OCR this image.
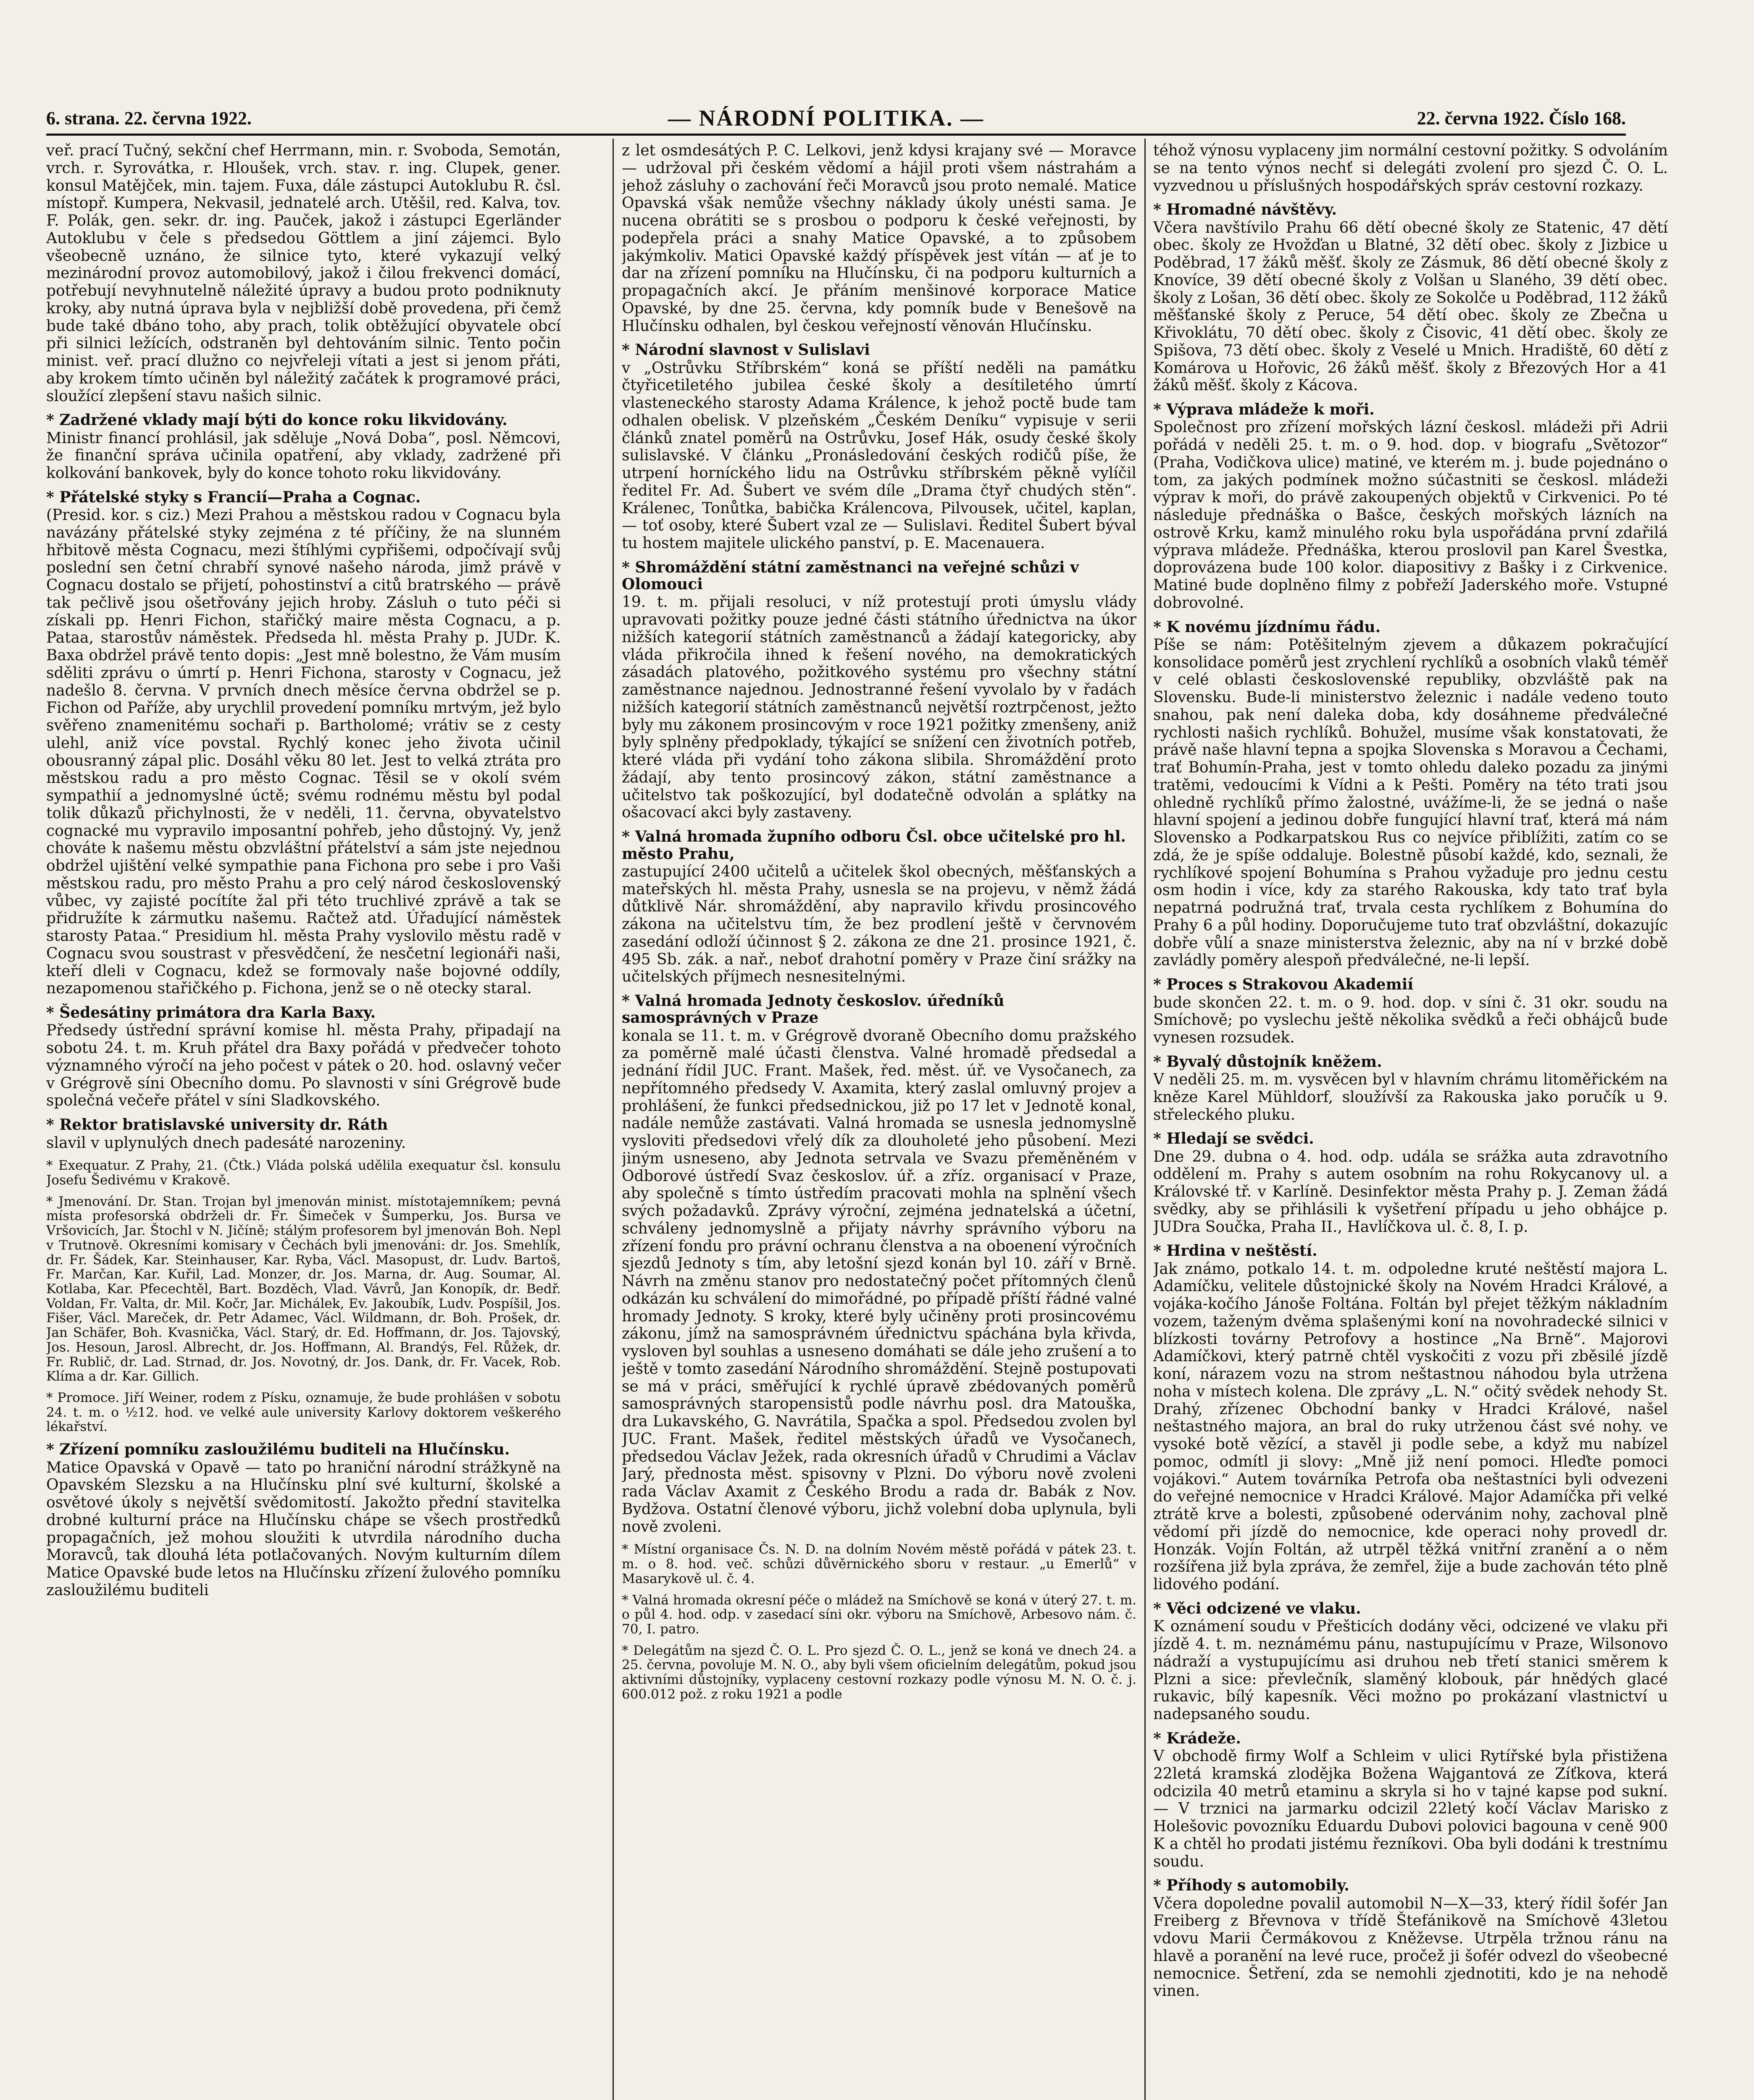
6. strana. 22. června 1922.	— NÁRODNÍ POLITIKA. —	22. června 1922. Číslo 168.

veř. prací Tučný, sekční chef Herrmann, min. r. Svoboda, Semotán, vrch. r. Syrovátka, r. Hloušek, vrch. stav. r. ing. Clupek, gener. konsul Matějček, min. tajem. Fuxa, dále zástupci Autoklubu R. čsl. místopř. Kumpera, Nekvasil, jednatelé arch. Utěšil, red. Kalva, tov. F. Polák, gen. sekr. dr. ing. Pauček, jakož i zástupci Egerländer Autoklubu v čele s předsedou Göttlem a jiní zájemci. Bylo všeobecně uznáno, že silnice tyto, které vykazují velký mezinárodní provoz automobilový, jakož i čilou frekvenci domácí, potřebují nevyhnutelně náležité úpravy a budou proto podniknuty kroky, aby nutná úprava byla v nejbližší době provedena, při čemž bude také dbáno toho, aby prach, tolik obtěžující obyvatele obcí při silnici ležících, odstraněn byl dehtováním silnic. Tento počin minist. veř. prací dlužno co nejvřeleji vítati a jest si jenom přáti, aby krokem tímto učiněn byl náležitý začátek k programové práci, sloužící zlepšení stavu našich silnic.

* Zadržené vklady mají býti do konce roku likvidovány.

Ministr financí prohlásil, jak sděluje „Nová Doba“, posl. Němcovi, že finanční správa učinila opatření, aby vklady, zadržené při kolkování bankovek, byly do konce tohoto roku likvidovány.

* Přátelské styky s Francií—Praha a Cognac.

(Presid. kor. s ciz.) Mezi Prahou a městskou radou v Cognacu byla navázány přátelské styky zejména z té příčiny, že na slunném hřbitově města Cognacu, mezi štíhlými cypřišemi, odpočívají svůj poslední sen četní chrabří synové našeho národa, jimž právě v Cognacu dostalo se přijetí, pohostinství a citů bratrského — právě tak pečlivě jsou ošetřovány jejich hroby. Zásluh o tuto péči si získali pp. Henri Fichon, stařičký maire města Cognacu, a p. Pataa, starostův náměstek. Předseda hl. města Prahy p. JUDr. K. Baxa obdržel právě tento dopis: „Jest mně bolestno, že Vám musím sděliti zprávu o úmrtí p. Henri Fichona, starosty v Cognacu, jež nadešlo 8. června. V prvních dnech měsíce června obdržel se p. Fichon od Paříže, aby urychlil provedení pomníku mrtvým, jež bylo svěřeno znamenitému sochaři p. Bartholomé; vrátiv se z cesty ulehl, aniž více povstal. Rychlý konec jeho života učinil obousranný zápal plic. Dosáhl věku 80 let. Jest to velká ztráta pro městskou radu a pro město Cognac. Těsil se v okolí svém sympathií a jednomyslné úctě; svému rodnému městu byl podal tolik důkazů přichylnosti, že v neděli, 11. června, obyvatelstvo cognacké mu vypravilo imposantní pohřeb, jeho důstojný. Vy, jenž chováte k našemu městu obzvláštní přátelství a sám jste nejednou obdržel ujištění velké sympathie pana Fichona pro sebe i pro Vaši městskou radu, pro město Prahu a pro celý národ československý vůbec, vy zajisté pocítíte žal při této truchlivé zprávě a tak se přidružíte k zármutku našemu. Račtež atd. Úřadující náměstek starosty Pataa.“ Presidium hl. města Prahy vyslovilo městu radě v Cognacu svou soustrast v přesvědčení, že nesčetní legionáři naši, kteří dleli v Cognacu, kdež se formovaly naše bojovné oddíly, nezapomenou stařičkého p. Fichona, jenž se o ně otecky staral.

* Šedesátiny primátora dra Karla Baxy.

Předsedy ústřední správní komise hl. města Prahy, připadají na sobotu 24. t. m. Kruh přátel dra Baxy pořádá v předvečer tohoto významného výročí na jeho počest v pátek o 20. hod. oslavný večer v Grégrově síni Obecního domu. Po slavnosti v síni Grégrově bude společná večeře přátel v síni Sladkovského.

* Rektor bratislavské university dr. Ráth

slavil v uplynulých dnech padesáté narozeniny.

* Exequatur. Z Prahy, 21. (Čtk.) Vláda polská udělila exequatur čsl. konsulu Josefu Šedivému v Krakově.

* Jmenování. Dr. Stan. Trojan byl jmenován minist. místotajemníkem; pevná místa profesorská obdrželi dr. Fr. Šimeček v Šumperku, Jos. Bursa ve Vršovicích, Jar. Štochl v N. Jičíně; stálým profesorem byl jmenován Boh. Nepl v Trutnově. Okresními komisary v Čechách byli jmenováni: dr. Jos. Smehlík, dr. Fr. Šádek, Kar. Steinhauser, Kar. Ryba, Václ. Masopust, dr. Ludv. Bartoš, Fr. Marčan, Kar. Kuřil, Lad. Monzer, dr. Jos. Marna, dr. Aug. Soumar, Al. Kotlaba, Kar. Pfecechtěl, Bart. Bozděch, Vlad. Vávrů, Jan Konopík, dr. Bedř. Voldan, Fr. Valta, dr. Mil. Kočr, Jar. Michálek, Ev. Jakoubík, Ludv. Pospíšil, Jos. Fišer, Václ. Mareček, dr. Petr Adamec, Václ. Wildmann, dr. Boh. Prošek, dr. Jan Schäfer, Boh. Kvasnička, Václ. Starý, dr. Ed. Hoffmann, dr. Jos. Tajovský, Jos. Hesoun, Jarosl. Albrecht, dr. Jos. Hoffmann, Al. Brandýs, Fel. Růžek, dr. Fr. Rublič, dr. Lad. Strnad, dr. Jos. Novotný, dr. Jos. Dank, dr. Fr. Vacek, Rob. Klíma a dr. Kar. Gillich.

* Promoce. Jiří Weiner, rodem z Písku, oznamuje, že bude prohlášen v sobotu 24. t. m. o ½12. hod. ve velké aule university Karlovy doktorem veškerého lékařství.

* Zřízení pomníku zasloužilému buditeli na Hlučínsku.

Matice Opavská v Opavě — tato po hraniční národní strážkyně na Opavském Slezsku a na Hlučínsku plní své kulturní, školské a osvětové úkoly s největší svědomitostí. Jakožto přední stavitelka drobné kulturní práce na Hlučínsku chápe se všech prostředků propagačních, jež mohou sloužiti k utvrdila národního ducha Moravců, tak dlouhá léta potlačovaných. Novým kulturním dílem Matice Opavské bude letos na Hlučínsku zřízení žulového pomníku zasloužilému buditeli

z let osmdesátých P. C. Lelkovi, jenž kdysi krajany své — Moravce — udržoval při českém vědomí a hájil proti všem nástrahám a jehož zásluhy o zachování řeči Moravců jsou proto nemalé. Matice Opavská však nemůže všechny náklady úkoly unésti sama. Je nucena obrátiti se s prosbou o podporu k české veřejnosti, by podepřela práci a snahy Matice Opavské, a to způsobem jakýmkoliv. Matici Opavské každý příspěvek jest vítán — ať je to dar na zřízení pomníku na Hlučínsku, či na podporu kulturních a propagačních akcí. Je přáním menšinové korporace Matice Opavské, by dne 25. června, kdy pomník bude v Benešově na Hlučínsku odhalen, byl českou veřejností věnován Hlučínsku.

* Národní slavnost v Sulislavi

v „Ostrůvku Stříbrském“ koná se příští neděli na památku čtyřicetiletého jubilea české školy a desítiletého úmrtí vlasteneckého starosty Adama Králence, k jehož poctě bude tam odhalen obelisk. V plzeňském „Českém Deníku“ vypisuje v serii článků znatel poměrů na Ostrůvku, Josef Hák, osudy české školy sulislavské. V článku „Pronásledování českých rodičů píše, že utrpení horníckého lidu na Ostrůvku stříbrském pěkně vylíčil ředitel Fr. Ad. Šubert ve svém díle „Drama čtyř chudých stěn“. Králenec, Tonůtka, babička Králencova, Pilvousek, učitel, kaplan, — toť osoby, které Šubert vzal ze — Sulislavi. Ředitel Šubert býval tu hostem majitele ulického panství, p. E. Macenauera.

* Shromáždění státní zaměstnanci na veřejné schůzi v Olomouci

19. t. m. přijali resoluci, v níž protestují proti úmyslu vlády upravovati požitky pouze jedné části státního úřednictva na úkor nižších kategorií státních zaměstnanců a žádají kategoricky, aby vláda přikročila ihned k řešení nového, na demokratických zásadách platového, požitkového systému pro všechny státní zaměstnance najednou. Jednostranné řešení vyvolalo by v řadách nižších kategorií státních zaměstnanců největší roztrpčenost, ježto byly mu zákonem prosincovým v roce 1921 požitky zmenšeny, aniž byly splněny předpoklady, týkající se snížení cen životních potřeb, které vláda při vydání toho zákona slibila. Shromáždění proto žádají, aby tento prosincový zákon, státní zaměstnance a učitelstvo tak poškozující, byl dodatečně odvolán a splátky na ošacovací akci byly zastaveny.

* Valná hromada župního odboru Čsl. obce učitelské pro hl. město Prahu,

zastupující 2400 učitelů a učitelek škol obecných, měšťanských a mateřských hl. města Prahy, usnesla se na projevu, v němž žádá důtklivě Nár. shromáždění, aby napravilo křivdu prosincového zákona na učitelstvu tím, že bez prodlení ještě v červnovém zasedání odloží účinnost § 2. zákona ze dne 21. prosince 1921, č. 495 Sb. zák. a nař., neboť drahotní poměry v Praze činí srážky na učitelských příjmech nesnesitelnými.

* Valná hromada Jednoty českoslov. úředníků samosprávných v Praze

konala se 11. t. m. v Grégrově dvoraně Obecního domu pražského za poměrně malé účasti členstva. Valné hromadě předsedal a jednání řídil JUC. Frant. Mašek, řed. měst. úř. ve Vysočanech, za nepřítomného předsedy V. Axamita, který zaslal omluvný projev a prohlášení, že funkci předsednickou, již po 17 let v Jednotě konal, nadále nemůže zastávati. Valná hromada se usnesla jednomyslně vysloviti předsedovi vřelý dík za dlouholeté jeho působení. Mezi jiným usneseno, aby Jednota setrvala ve Svazu přeměněném v Odborové ústředí Svaz českoslov. úř. a zříz. organisací v Praze, aby společně s tímto ústředím pracovati mohla na splnění všech svých požadavků. Zprávy výroční, zejména jednatelská a účetní, schváleny jednomyslně a přijaty návrhy správního výboru na zřízení fondu pro právní ochranu členstva a na oboenení výročních sjezdů Jednoty s tím, aby letošní sjezd konán byl 10. září v Brně. Návrh na změnu stanov pro nedostatečný počet přítomných členů odkázán ku schválení do mimořádné, po případě příští řádné valné hromady Jednoty. S kroky, které byly učiněny proti prosincovému zákonu, jímž na samosprávném úřednictvu spáchána byla křivda, vysloven byl souhlas a usneseno domáhati se dále jeho zrušení a to ještě v tomto zasedání Národního shromáždění. Stejně postupovati se má v práci, směřující k rychlé úpravě zbédovaných poměrů samosprávných staropensistů podle návrhu posl. dra Matouška, dra Lukavského, G. Navrátila, Spačka a spol. Předsedou zvolen byl JUC. Frant. Mašek, ředitel městských úřadů ve Vysočanech, předsedou Václav Ježek, rada okresních úřadů v Chrudimi a Václav Jarý, přednosta měst. spisovny v Plzni. Do výboru nově zvoleni rada Václav Axamit z Českého Brodu a rada dr. Babák z Nov. Bydžova. Ostatní členové výboru, jichž volební doba uplynula, byli nově zvoleni.

* Místní organisace Čs. N. D. na dolním Novém městě pořádá v pátek 23. t. m. o 8. hod. več. schůzi důvěrnického sboru v restaur. „u Emerlů“ v Masarykově ul. č. 4.

* Valná hromada okresní péče o mládež na Smíchově se koná v úterý 27. t. m. o půl 4. hod. odp. v zasedací síni okr. výboru na Smíchově, Arbesovo nám. č. 70, I. patro.

* Delegátům na sjezd Č. O. L. Pro sjezd Č. O. L., jenž se koná ve dnech 24. a 25. června, povoluje M. N. O., aby byli všem oficielním delegátům, pokud jsou aktivními důstojníky, vyplaceny cestovní rozkazy podle výnosu M. N. O. č. j. 600.012 pož. z roku 1921 a podle

téhož výnosu vyplaceny jim normální cestovní požitky. S odvoláním se na tento výnos nechť si delegáti zvolení pro sjezd Č. O. L. vyzvednou u příslušných hospodářských správ cestovní rozkazy.

* Hromadné návštěvy.

Včera navštívilo Prahu 66 dětí obecné školy ze Statenic, 47 dětí obec. školy ze Hvožďan u Blatné, 32 dětí obec. školy z Jizbice u Poděbrad, 17 žáků měšť. školy ze Zásmuk, 86 dětí obecné školy z Knovíce, 39 dětí obecné školy z Volšan u Slaného, 39 dětí obec. školy z Lošan, 36 dětí obec. školy ze Sokolče u Poděbrad, 112 žáků měšťanské školy z Peruce, 54 dětí obec. školy ze Zbečna u Křivoklátu, 70 dětí obec. školy z Čisovic, 41 dětí obec. školy ze Spišova, 73 dětí obec. školy z Veselé u Mnich. Hradiště, 60 dětí z Komárova u Hořovic, 26 žáků měšť. školy z Březových Hor a 41 žáků měšť. školy z Kácova.

* Výprava mládeže k moři.

Společnost pro zřízení mořských lázní českosl. mládeži při Adrii pořádá v neděli 25. t. m. o 9. hod. dop. v biografu „Světozor“ (Praha, Vodičkova ulice) matiné, ve kterém m. j. bude pojednáno o tom, za jakých podmínek možno súčastniti se českosl. mládeži výprav k moři, do právě zakoupených objektů v Cirkvenici. Po té následuje přednáška o Bašce, českých mořských lázních na ostrově Krku, kamž minulého roku byla uspořádána první zdařilá výprava mládeže. Přednáška, kterou proslovil pan Karel Švestka, doprovázena bude 100 kolor. diapositivy z Bašky i z Cirkvenice. Matiné bude doplněno filmy z pobřeží Jaderského moře. Vstupné dobrovolné.

* K novému jízdnímu řádu.

Píše se nám: Potěšitelným zjevem a důkazem pokračující konsolidace poměrů jest zrychlení rychlíků a osobních vlaků téměř v celé oblasti československé republiky, obzvláště pak na Slovensku. Bude-li ministerstvo železnic i nadále vedeno touto snahou, pak není daleka doba, kdy dosáhneme předválečné rychlosti našich rychlíků. Bohužel, musíme však konstatovati, že právě naše hlavní tepna a spojka Slovenska s Moravou a Čechami, trať Bohumín-Praha, jest v tomto ohledu daleko pozadu za jinými tratěmi, vedoucími k Vídni a k Pešti. Poměry na této trati jsou ohledně rychlíků přímo žalostné, uvážíme-li, že se jedná o naše hlavní spojení a jedinou dobře fungující hlavní trať, která má nám Slovensko a Podkarpatskou Rus co nejvíce přiblížiti, zatím co se zdá, že je spíše oddaluje. Bolestně působí každé, kdo, seznali, že rychlíkové spojení Bohumína s Prahou vyžaduje pro jednu cestu osm hodin i více, kdy za starého Rakouska, kdy tato trať byla nepatrná podružná trať, trvala cesta rychlíkem z Bohumína do Prahy 6 a půl hodiny. Doporučujeme tuto trať obzvláštní, dokazujíc dobře vůlí a snaze ministerstva železnic, aby na ní v brzké době zavládly poměry alespoň předválečné, ne-li lepší.

* Proces s Strakovou Akademií

bude skončen 22. t. m. o 9. hod. dop. v síni č. 31 okr. soudu na Smíchově; po vyslechu ještě několika svědků a řeči obhájců bude vynesen rozsudek.

* Byvalý důstojník kněžem.

V neděli 25. m. m. vysvěcen byl v hlavním chrámu litoměřickém na kněze Karel Mühldorf, sloužívší za Rakouska jako poručík u 9. střeleckého pluku.

* Hledají se svědci.

Dne 29. dubna o 4. hod. odp. udála se srážka auta zdravotního oddělení m. Prahy s autem osobním na rohu Rokycanovy ul. a Královské tř. v Karlíně. Desinfektor města Prahy p. J. Zeman žádá svědky, aby se přihlásili k vyšetření případu u jeho obhájce p. JUDra Součka, Praha II., Havlíčkova ul. č. 8, I. p.

* Hrdina v neštěstí.

Jak známo, potkalo 14. t. m. odpoledne kruté neštěstí majora L. Adamíčku, velitele důstojnické školy na Novém Hradci Králové, a vojáka-kočího Jánoše Foltána. Foltán byl přejet těžkým nákladním vozem, taženým dvěma splašenými koní na novohradecké silnici v blízkosti továrny Petrofovy a hostince „Na Brně“. Majorovi Adamíčkovi, který patrně chtěl vyskočiti z vozu při zběsilé jízdě koní, nárazem vozu na strom neštastnou náhodou byla utržena noha v místech kolena. Dle zprávy „L. N.“ očitý svědek nehody St. Drahý, zřízenec Obchodní banky v Hradci Králové, našel neštastného majora, an bral do ruky utrženou část své nohy. ve vysoké botě vězící, a stavěl ji podle sebe, a když mu nabízel pomoc, odmítl ji slovy: „Mně již není pomoci. Hleďte pomoci vojákovi.“ Autem továrníka Petrofa oba neštastníci byli odvezeni do veřejné nemocnice v Hradci Králové. Major Adamíčka při velké ztrátě krve a bolesti, způsobené odervánim nohy, zachoval plně vědomí při jízdě do nemocnice, kde operaci nohy provedl dr. Honzák. Vojín Foltán, až utrpěl těžká vnitřní zranění a o něm rozšířena již byla zpráva, že zemřel, žije a bude zachován této plně lidového podání.

* Věci odcizené ve vlaku.

K oznámení soudu v Přešticích dodány věci, odcizené ve vlaku při jízdě 4. t. m. neznámému pánu, nastupujícímu v Praze, Wilsonovo nádraží a vystupujícímu asi druhou neb třetí stanici směrem k Plzni a sice: převlečník, slaměný klobouk, pár hnědých glacé rukavic, bílý kapesník. Věci možno po prokázaní vlastnictví u nadepsaného soudu.

* Krádeže.

V obchodě firmy Wolf a Schleim v ulici Rytířské byla přistižena 22letá kramská zlodějka Božena Wajgantová ze Zíťkova, která odcizila 40 metrů etaminu a skryla si ho v tajné kapse pod sukní. — V trznici na jarmarku odcizil 22letý kočí Václav Marisko z Holešovic povozníku Eduardu Dubovi polovici bagouna v ceně 900 K a chtěl ho prodati jistému řezníkovi. Oba byli dodáni k trestnímu soudu.

* Příhody s automobily.

Včera dopoledne povalil automobil N—X—33, který řídil šofér Jan Freiberg z Břevnova v třídě Štefánikově na Smíchově 43letou vdovu Marii Čermákovou z Kněževse. Utrpěla tržnou ránu na hlavě a poranění na levé ruce, pročež ji šofér odvezl do všeobecné nemocnice. Šetření, zda se nemohli zjednotiti, kdo je na nehodě vinen.
